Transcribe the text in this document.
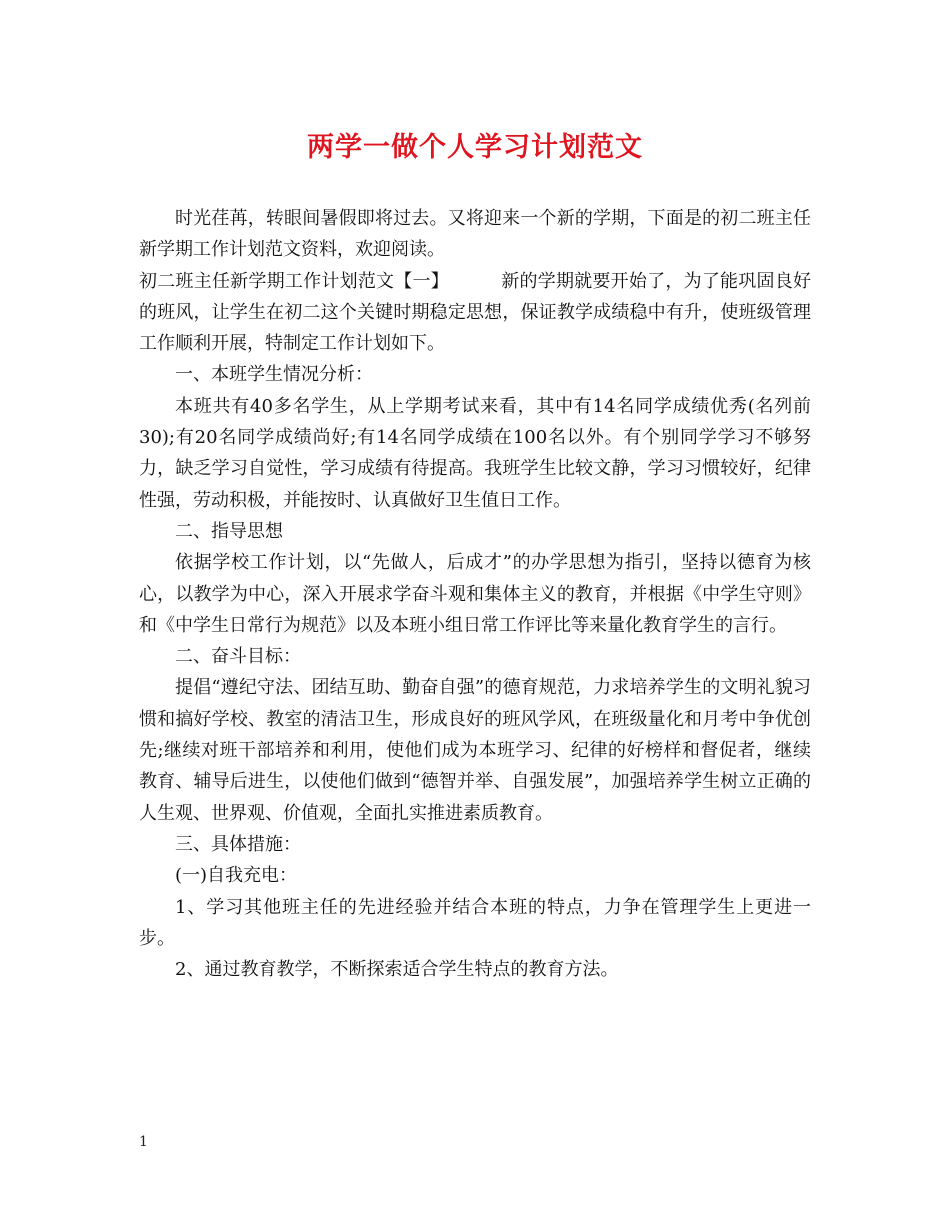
两学一做个人学习计划范文

时光荏苒，转眼间暑假即将过去。又将迎来一个新的学期，下面是的初二班主任新学期工作计划范文资料，欢迎阅读。

初二班主任新学期工作计划范文【一】	新的学期就要开始了，为了能巩固良好的班风，让学生在初二这个关键时期稳定思想，保证教学成绩稳中有升，使班级管理工作顺利开展，特制定工作计划如下。

一、本班学生情况分析：

本班共有40多名学生，从上学期考试来看，其中有14名同学成绩优秀(名列前30);有20名同学成绩尚好;有14名同学成绩在100名以外。有个别同学学习不够努力，缺乏学习自觉性，学习成绩有待提高。我班学生比较文静，学习习惯较好，纪律性强，劳动积极，并能按时、认真做好卫生值日工作。

二、指导思想

依据学校工作计划，以“先做人，后成才”的办学思想为指引，坚持以德育为核心，以教学为中心，深入开展求学奋斗观和集体主义的教育，并根据《中学生守则》和《中学生日常行为规范》以及本班小组日常工作评比等来量化教育学生的言行。

二、奋斗目标：

提倡“遵纪守法、团结互助、勤奋自强”的德育规范，力求培养学生的文明礼貌习惯和搞好学校、教室的清洁卫生，形成良好的班风学风，在班级量化和月考中争优创先;继续对班干部培养和利用，使他们成为本班学习、纪律的好榜样和督促者，继续教育、辅导后进生，以使他们做到“德智并举、自强发展”，加强培养学生树立正确的人生观、世界观、价值观，全面扎实推进素质教育。

三、具体措施：

(一)自我充电：

1、学习其他班主任的先进经验并结合本班的特点，力争在管理学生上更进一步。

2、通过教育教学，不断探索适合学生特点的教育方法。

1
